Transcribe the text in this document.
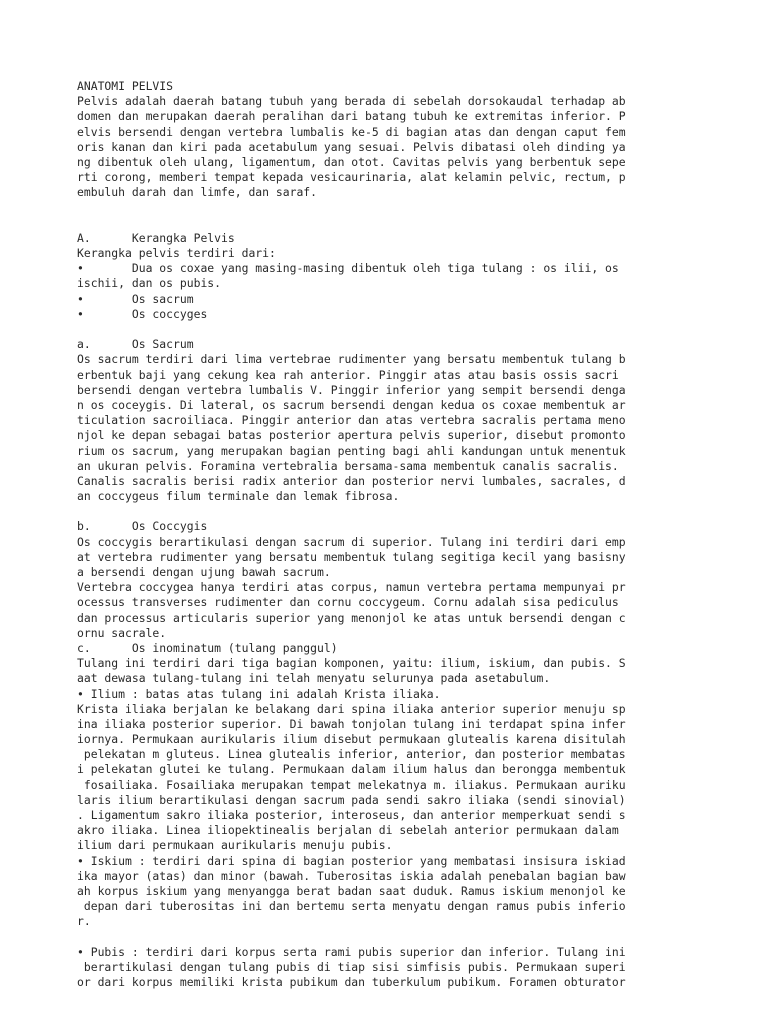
ANATOMI PELVIS
Pelvis adalah daerah batang tubuh yang berada di sebelah dorsokaudal terhadap ab
domen dan merupakan daerah peralihan dari batang tubuh ke extremitas inferior. P
elvis bersendi dengan vertebra lumbalis ke-5 di bagian atas dan dengan caput fem
oris kanan dan kiri pada acetabulum yang sesuai. Pelvis dibatasi oleh dinding ya
ng dibentuk oleh ulang, ligamentum, dan otot. Cavitas pelvis yang berbentuk sepe
rti corong, memberi tempat kepada vesicaurinaria, alat kelamin pelvic, rectum, p
embuluh darah dan limfe, dan saraf.
A.      Kerangka Pelvis
Kerangka pelvis terdiri dari:
•       Dua os coxae yang masing-masing dibentuk oleh tiga tulang : os ilii, os
ischii, dan os pubis.
•       Os sacrum
•       Os coccyges
a.      Os Sacrum
Os sacrum terdiri dari lima vertebrae rudimenter yang bersatu membentuk tulang b
erbentuk baji yang cekung kea rah anterior. Pinggir atas atau basis ossis sacri
bersendi dengan vertebra lumbalis V. Pinggir inferior yang sempit bersendi denga
n os coceygis. Di lateral, os sacrum bersendi dengan kedua os coxae membentuk ar
ticulation sacroiliaca. Pinggir anterior dan atas vertebra sacralis pertama meno
njol ke depan sebagai batas posterior apertura pelvis superior, disebut promonto
rium os sacrum, yang merupakan bagian penting bagi ahli kandungan untuk menentuk
an ukuran pelvis. Foramina vertebralia bersama-sama membentuk canalis sacralis.
Canalis sacralis berisi radix anterior dan posterior nervi lumbales, sacrales, d
an coccygeus filum terminale dan lemak fibrosa.
b.      Os Coccygis
Os coccygis berartikulasi dengan sacrum di superior. Tulang ini terdiri dari emp
at vertebra rudimenter yang bersatu membentuk tulang segitiga kecil yang basisny
a bersendi dengan ujung bawah sacrum.
Vertebra coccygea hanya terdiri atas corpus, namun vertebra pertama mempunyai pr
ocessus transverses rudimenter dan cornu coccygeum. Cornu adalah sisa pediculus
dan processus articularis superior yang menonjol ke atas untuk bersendi dengan c
ornu sacrale.
c.      Os inominatum (tulang panggul)
Tulang ini terdiri dari tiga bagian komponen, yaitu: ilium, iskium, dan pubis. S
aat dewasa tulang-tulang ini telah menyatu selurunya pada asetabulum.
• Ilium : batas atas tulang ini adalah Krista iliaka.
Krista iliaka berjalan ke belakang dari spina iliaka anterior superior menuju sp
ina iliaka posterior superior. Di bawah tonjolan tulang ini terdapat spina infer
iornya. Permukaan aurikularis ilium disebut permukaan glutealis karena disitulah
pelekatan m gluteus. Linea glutealis inferior, anterior, dan posterior membatas
i pelekatan glutei ke tulang. Permukaan dalam ilium halus dan berongga membentuk
fosailiaka. Fosailiaka merupakan tempat melekatnya m. iliakus. Permukaan auriku
laris ilium berartikulasi dengan sacrum pada sendi sakro iliaka (sendi sinovial)
. Ligamentum sakro iliaka posterior, interoseus, dan anterior memperkuat sendi s
akro iliaka. Linea iliopektinealis berjalan di sebelah anterior permukaan dalam
ilium dari permukaan aurikularis menuju pubis.
• Iskium : terdiri dari spina di bagian posterior yang membatasi insisura iskiad
ika mayor (atas) dan minor (bawah. Tuberositas iskia adalah penebalan bagian baw
ah korpus iskium yang menyangga berat badan saat duduk. Ramus iskium menonjol ke
depan dari tuberositas ini dan bertemu serta menyatu dengan ramus pubis inferio
r.
• Pubis : terdiri dari korpus serta rami pubis superior dan inferior. Tulang ini
berartikulasi dengan tulang pubis di tiap sisi simfisis pubis. Permukaan superi
or dari korpus memiliki krista pubikum dan tuberkulum pubikum. Foramen obturator
